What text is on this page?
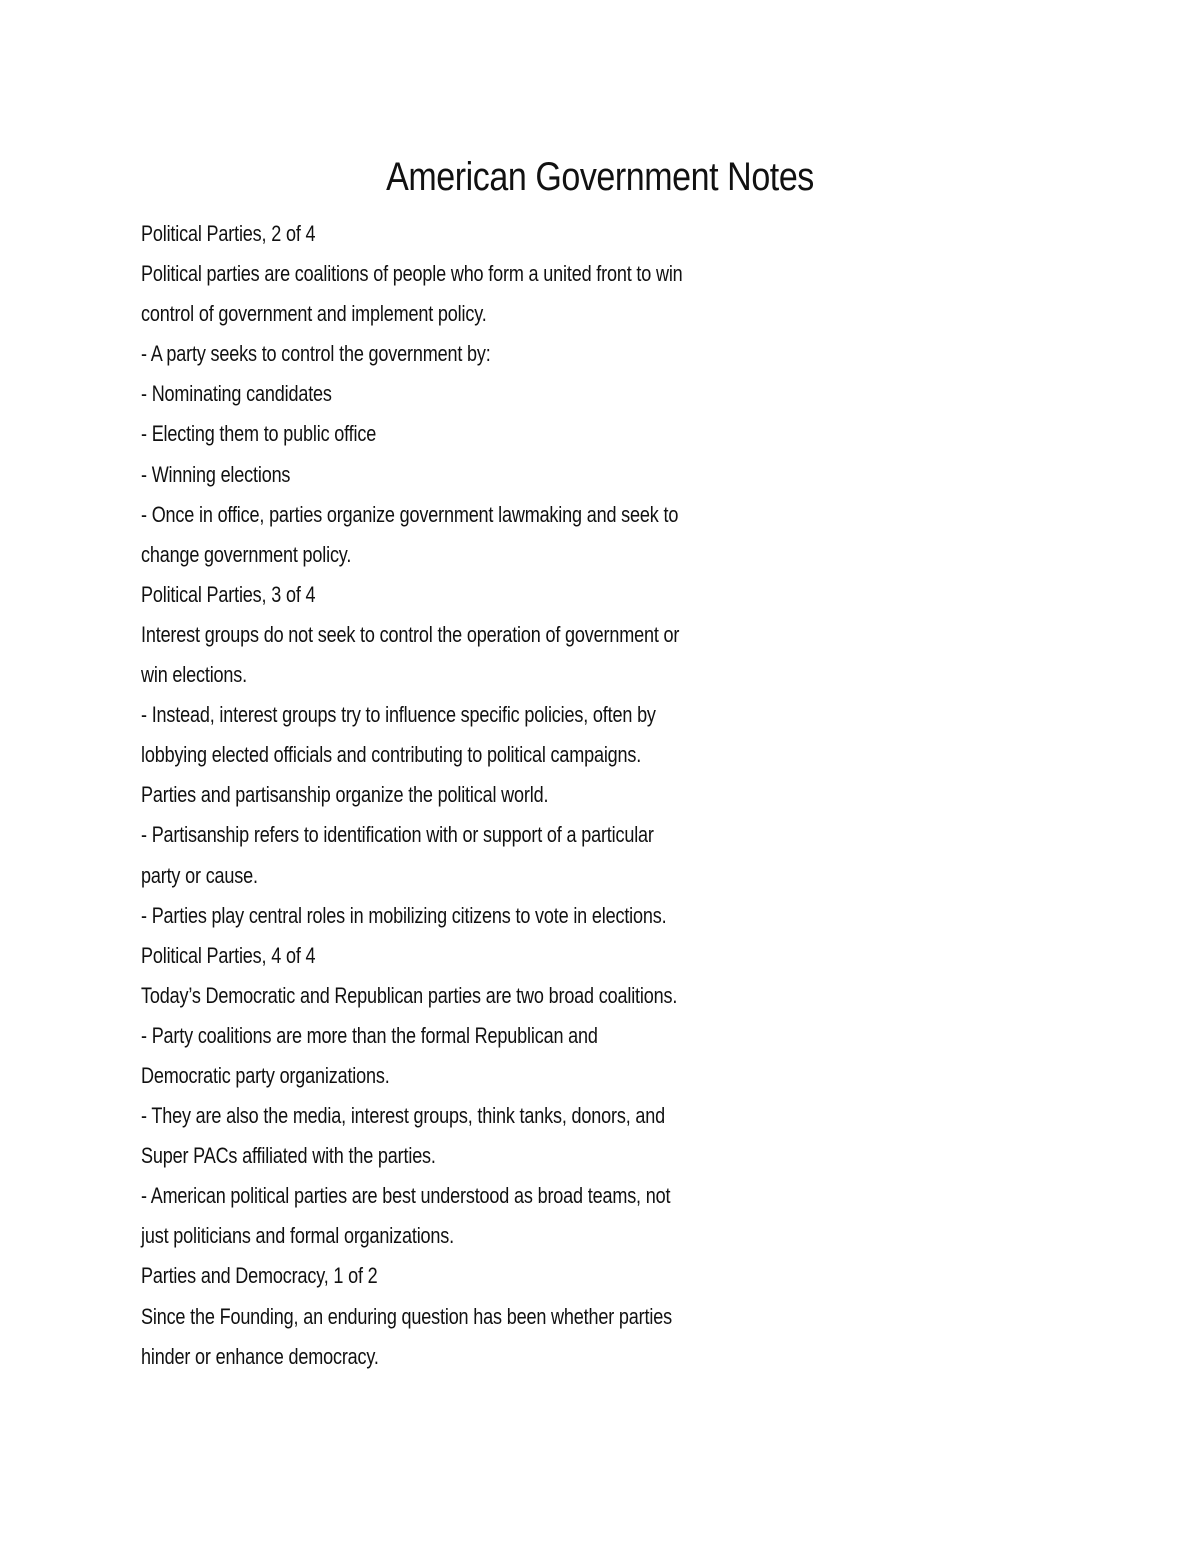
American Government Notes
Political Parties, 2 of 4
Political parties are coalitions of people who form a united front to win
control of government and implement policy.
- A party seeks to control the government by:
- Nominating candidates
- Electing them to public office
- Winning elections
- Once in office, parties organize government lawmaking and seek to
change government policy.
Political Parties, 3 of 4
Interest groups do not seek to control the operation of government or
win elections.
- Instead, interest groups try to influence specific policies, often by
lobbying elected officials and contributing to political campaigns.
Parties and partisanship organize the political world.
- Partisanship refers to identification with or support of a particular
party or cause.
- Parties play central roles in mobilizing citizens to vote in elections.
Political Parties, 4 of 4
Today’s Democratic and Republican parties are two broad coalitions.
- Party coalitions are more than the formal Republican and
Democratic party organizations.
- They are also the media, interest groups, think tanks, donors, and
Super PACs affiliated with the parties.
- American political parties are best understood as broad teams, not
just politicians and formal organizations.
Parties and Democracy, 1 of 2
Since the Founding, an enduring question has been whether parties
hinder or enhance democracy.
